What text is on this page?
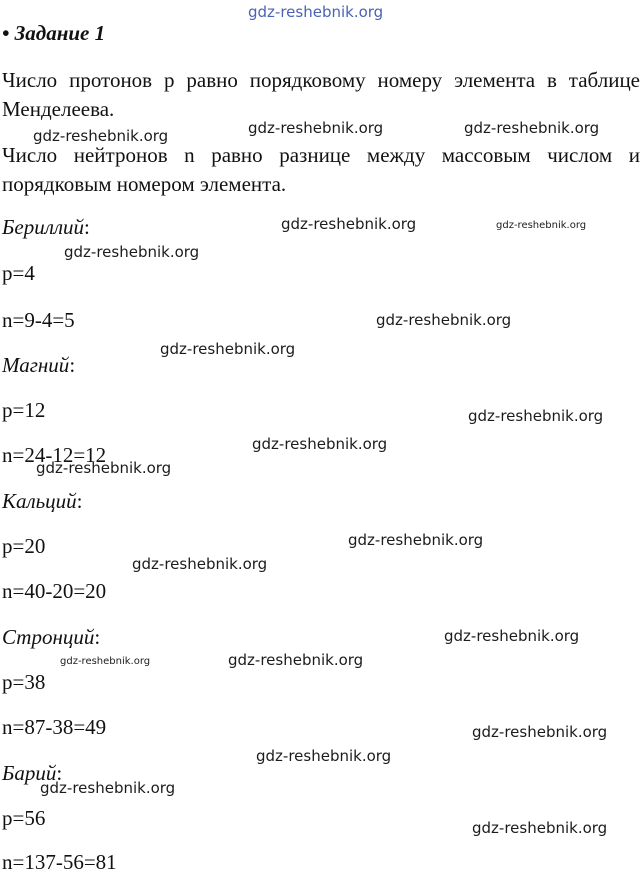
gdz-reshebnik.org
• Задание 1
Число протонов p равно порядковому номеру элемента в таблице Менделеева.
Число нейтронов n равно разнице между массовым числом и порядковым номером элемента.
Бериллий:
p=4
n=9-4=5
Магний:
p=12
n=24-12=12
Кальций:
p=20
n=40-20=20
Стронций:
p=38
n=87-38=49
Барий:
p=56
n=137-56=81
gdz-reshebnik.org	gdz-reshebnik.org	gdz-reshebnik.org
gdz-reshebnik.org	gdz-reshebnik.org
gdz-reshebnik.org
gdz-reshebnik.org
gdz-reshebnik.org
gdz-reshebnik.org
gdz-reshebnik.org
gdz-reshebnik.org
gdz-reshebnik.org
gdz-reshebnik.org
gdz-reshebnik.org
gdz-reshebnik.org	gdz-reshebnik.org
gdz-reshebnik.org
gdz-reshebnik.org
gdz-reshebnik.org
gdz-reshebnik.org
